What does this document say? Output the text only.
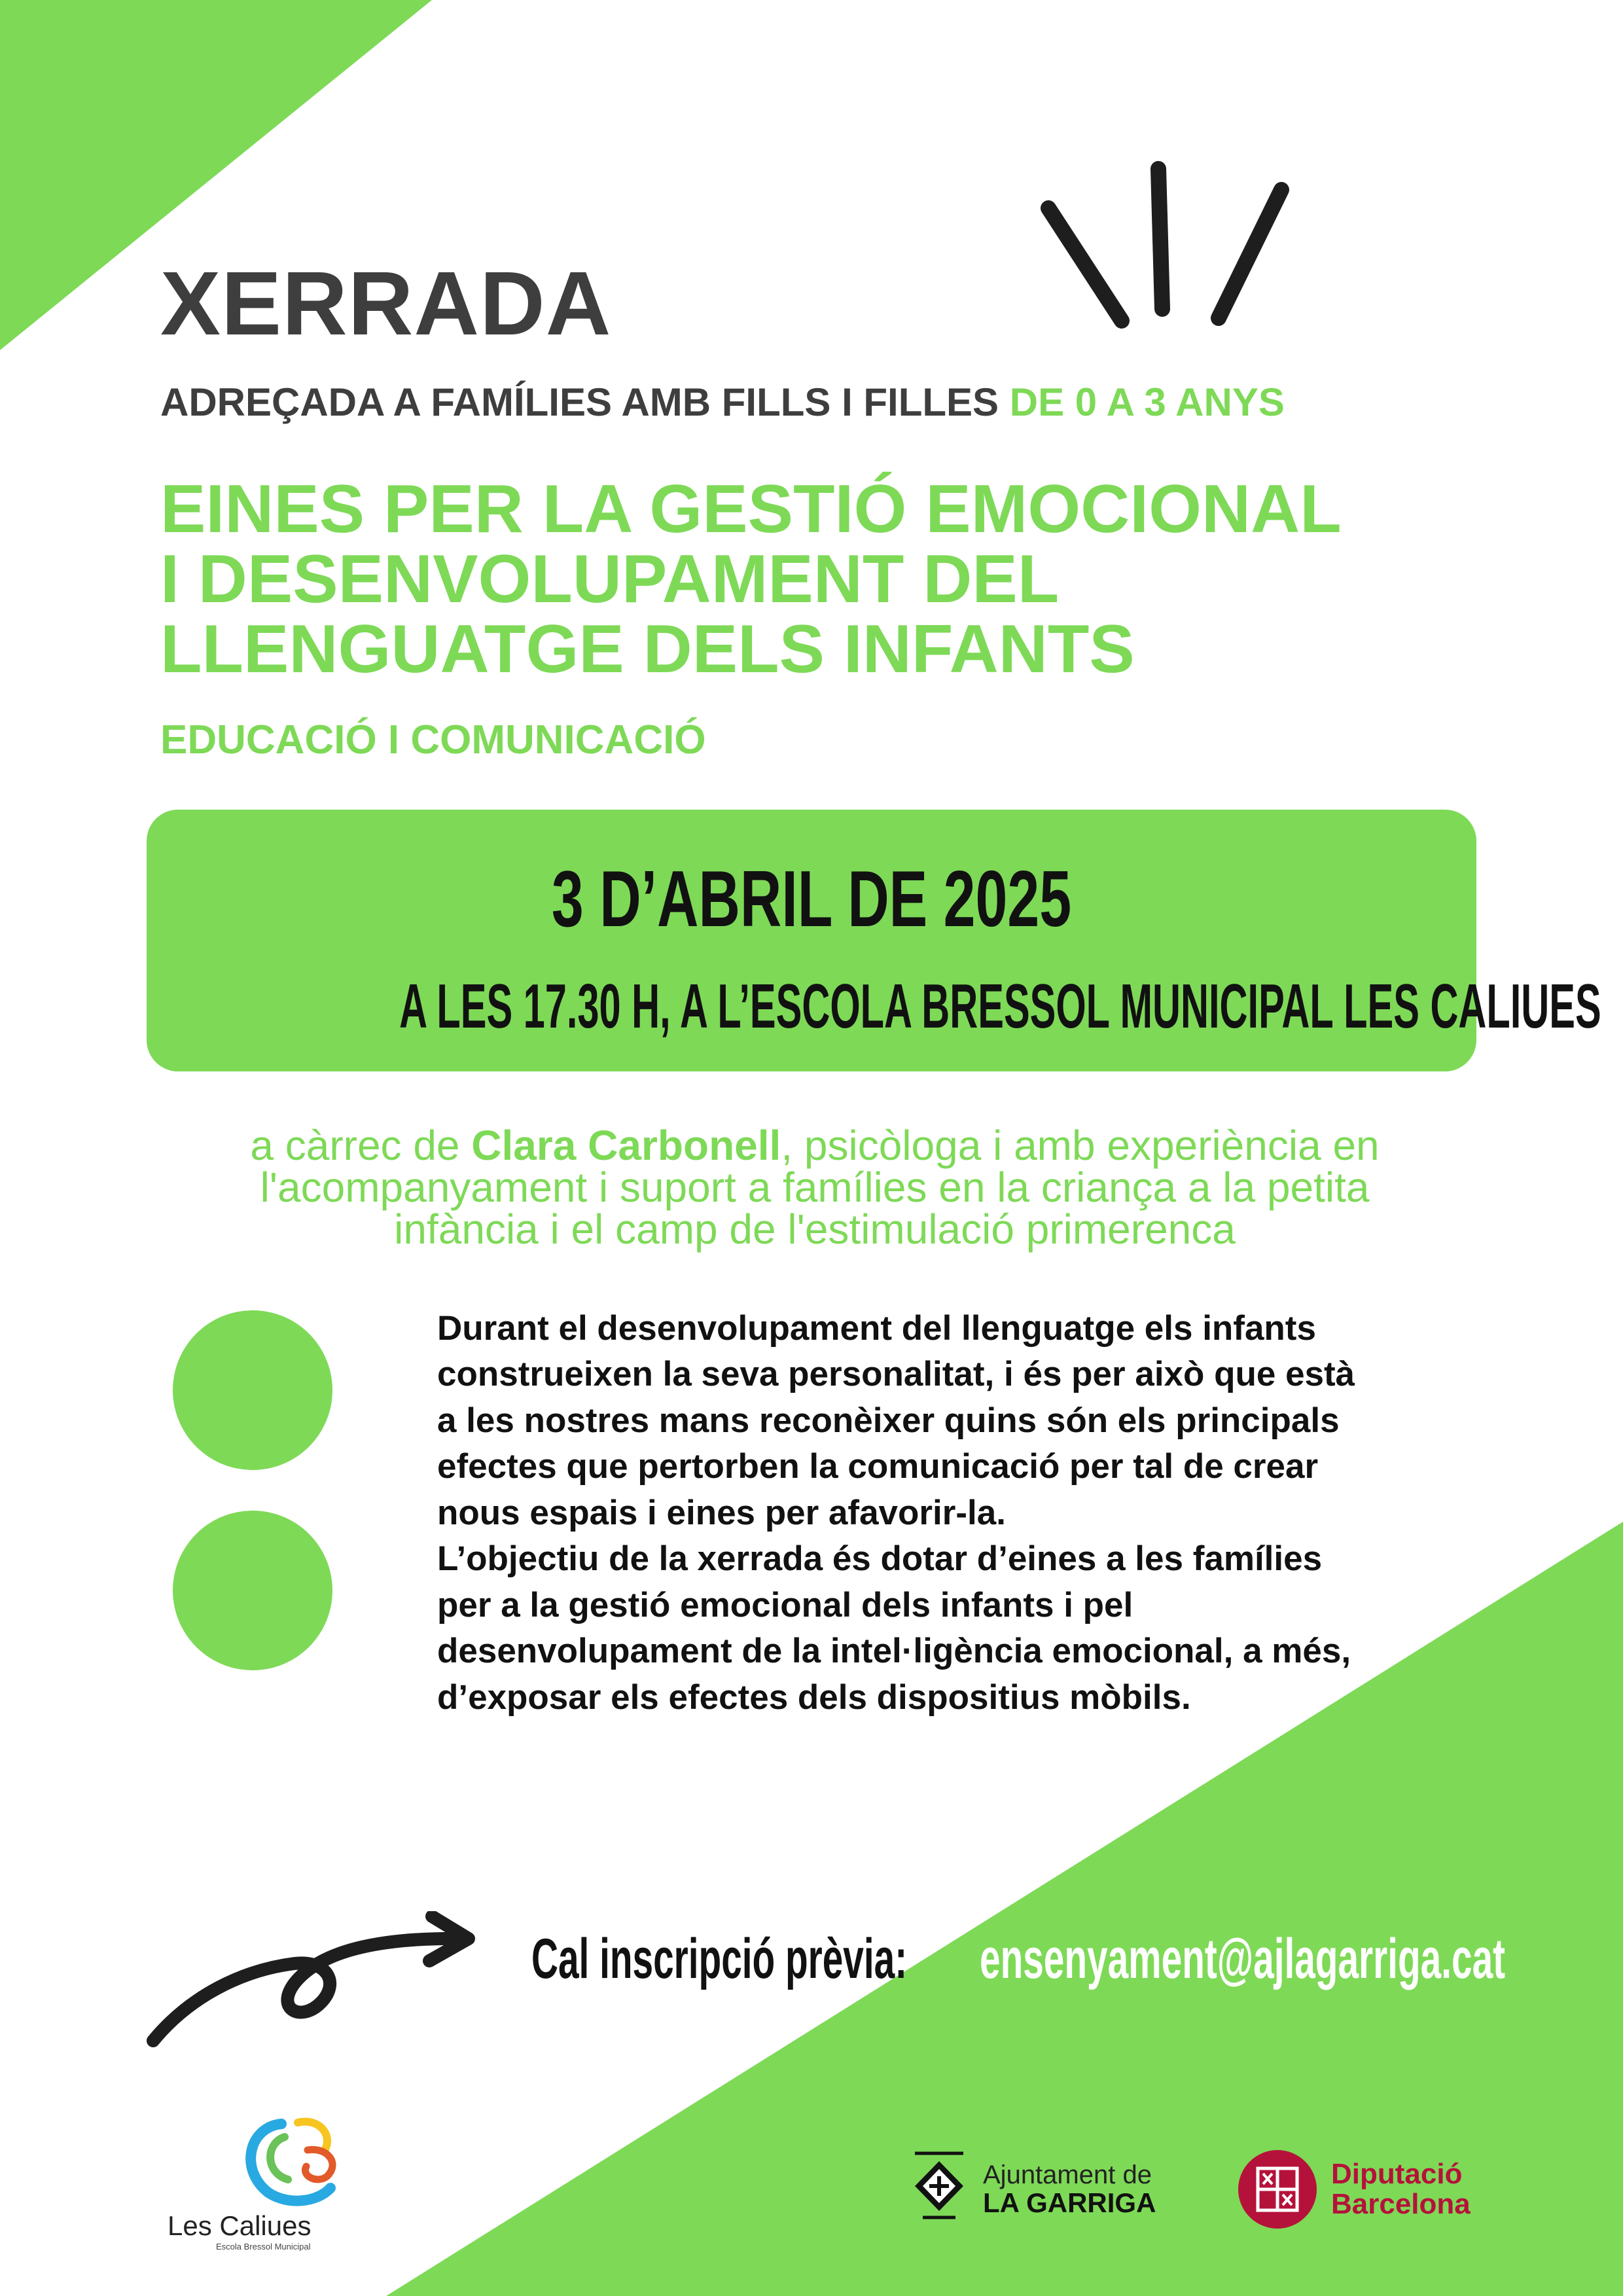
XERRADA
ADREÇADA A FAMÍLIES AMB FILLS I FILLES DE 0 A 3 ANYS
EINES PER LA GESTIÓ EMOCIONAL
I DESENVOLUPAMENT DEL
LLENGUATGE DELS INFANTS
EDUCACIÓ I COMUNICACIÓ
3 D’ABRIL DE 2025
A LES 17.30 H, A L’ESCOLA BRESSOL MUNICIPAL LES CALIUES
a càrrec de Clara Carbonell, psicòloga i amb experiència en
l'acompanyament i suport a famílies en la criança a la petita
infància i el camp de l'estimulació primerenca

Durant el desenvolupament del llenguatge els infants construeixen la seva personalitat, i és per això que està a les nostres mans reconèixer quins són els principals efectes que pertorben la comunicació per tal de crear nous espais i eines per afavorir-la.

L’objectiu de la xerrada és dotar d’eines a les famílies per a la gestió emocional dels infants i pel desenvolupament de la intel·ligència emocional, a més, d’exposar els efectes dels dispositius mòbils.

Cal inscripció prèvia: ensenyament@ajlagarriga.cat
Les Caliues
Escola Bressol Municipal
Ajuntament de
LA GARRIGA
Diputació
Barcelona
